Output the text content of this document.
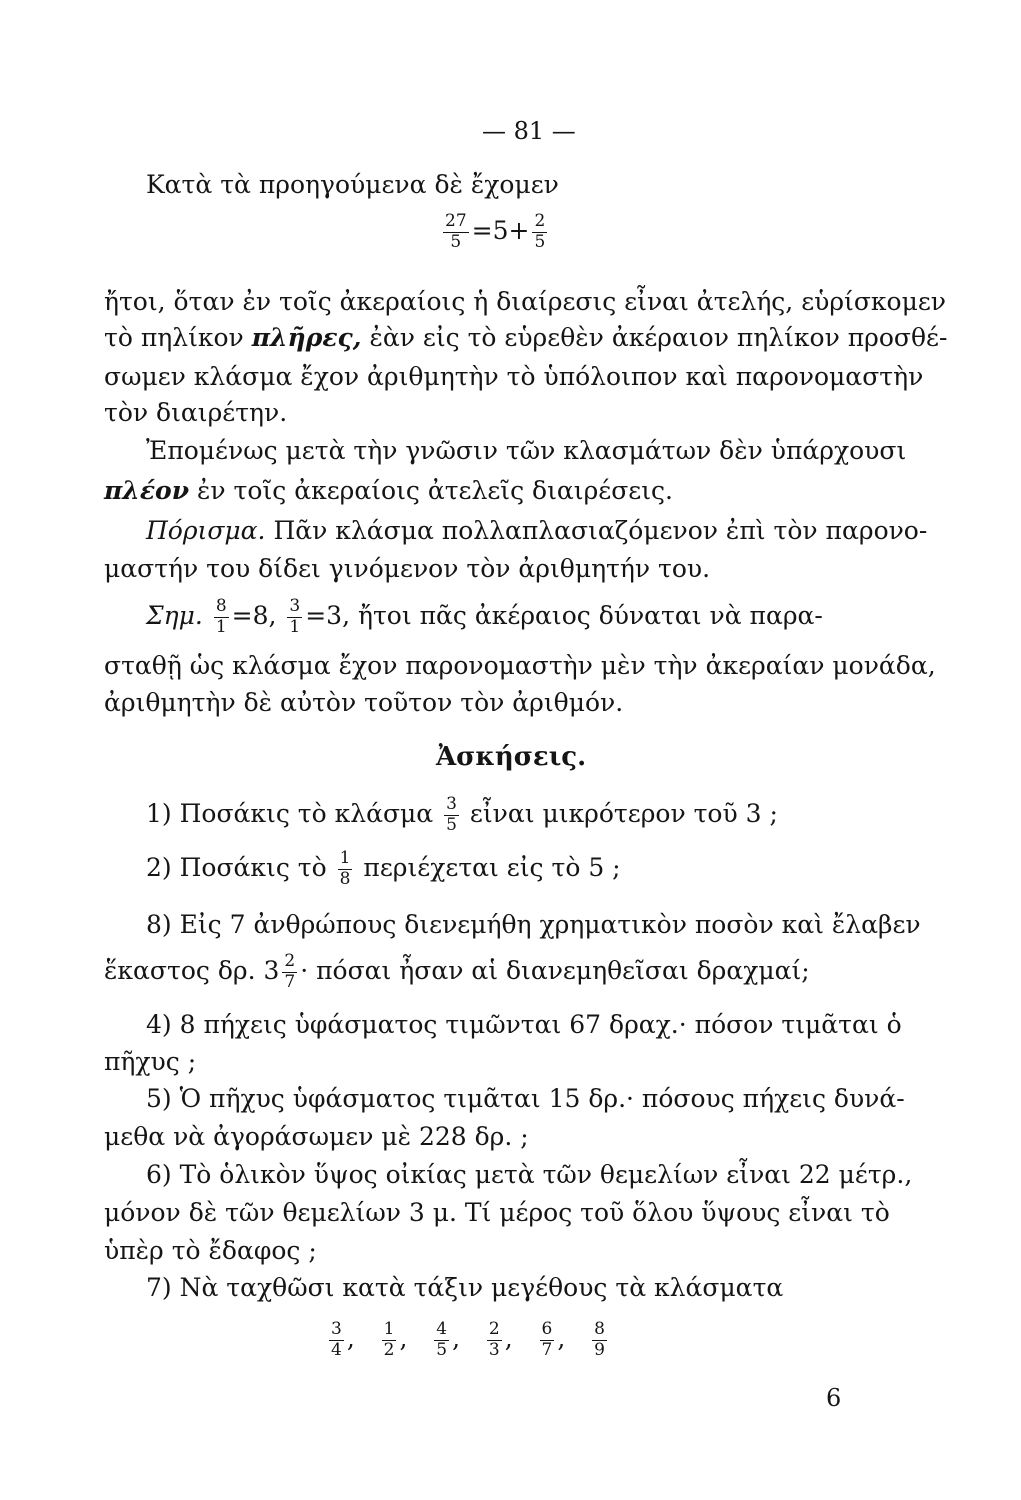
— 81 —
Κατὰ τὰ προηγούμενα δὲ ἔχομεν
$\frac{27}{5} =5+ \frac{2}{5}$
ἤτοι, ὅταν ἐν τοῖς ἀκεραίοις ἡ διαίρεσις εἶναι ἀτελής, εὑρίσκομεν
τὸ πηλίκον πλῆρες, ἐὰν εἰς τὸ εὑρεθὲν ἀκέραιον πηλίκον προσθέ-
σωμεν κλάσμα ἔχον ἀριθμητὴν τὸ ὑπόλοιπον καὶ παρονομαστὴν
τὸν διαιρέτην.
Ἐπομένως μετὰ τὴν γνῶσιν τῶν κλασμάτων δὲν ὑπάρχουσι
πλέον ἐν τοῖς ἀκεραίοις ἀτελεῖς διαιρέσεις.
Πόρισμα. Πᾶν κλάσμα πολλαπλασιαζόμενον ἐπὶ τὸν παρονο-
μαστήν του δίδει γινόμενον τὸν ἀριθμητήν του.
Σημ. $\frac{8}{1} =8$, $\frac{3}{1} =3$, ἤτοι πᾶς ἀκέραιος δύναται νὰ παρα-
σταθῇ ὡς κλάσμα ἔχον παρονομαστὴν μὲν τὴν ἀκεραίαν μονάδα,
ἀριθμητὴν δὲ αὐτὸν τοῦτον τὸν ἀριθμόν.
Ἀσκήσεις.
1) Ποσάκις τὸ κλάσμα $\frac{3}{5}$ εἶναι μικρότερον τοῦ 3 ;
2) Ποσάκις τὸ $\frac{1}{8}$ περιέχεται εἰς τὸ 5 ;
8) Εἰς 7 ἀνθρώπους διενεμήθη χρηματικὸν ποσὸν καὶ ἔλαβεν
ἕκαστος δρ. $3 \frac{2}{7} \cdot \pi ό\sigma\alpha\iota$ ἦσαν αἱ διανεμηθεῖσαι δραχμαί;
4) 8 πήχεις ὑφάσματος τιμῶνται 67 δραχ.· πόσον τιμᾶται ὁ
πῆχυς ;
5) Ὁ πῆχυς ὑφάσματος τιμᾶται 15 δρ.· πόσους πήχεις δυνά-
μεθα νὰ ἀγοράσωμεν μὲ 228 δρ. ;
6) Τὸ ὁλικὸν ὕψος οἰκίας μετὰ τῶν θεμελίων εἶναι 22 μέτρ.,
μόνον δὲ τῶν θεμελίων 3 μ. Τί μέρος τοῦ ὅλου ὕψους εἶναι τὸ
ὑπὲρ τὸ ἔδαφος ;
7) Νὰ ταχθῶσι κατὰ τάξιν μεγέθους τὰ κλάσματα
$\frac{3}{4}$ , $\frac{1}{2}$ , $\frac{4}{5}$ , $\frac{2}{3}$ , $\frac{6}{7}$ , $\frac{8}{9}$
6
